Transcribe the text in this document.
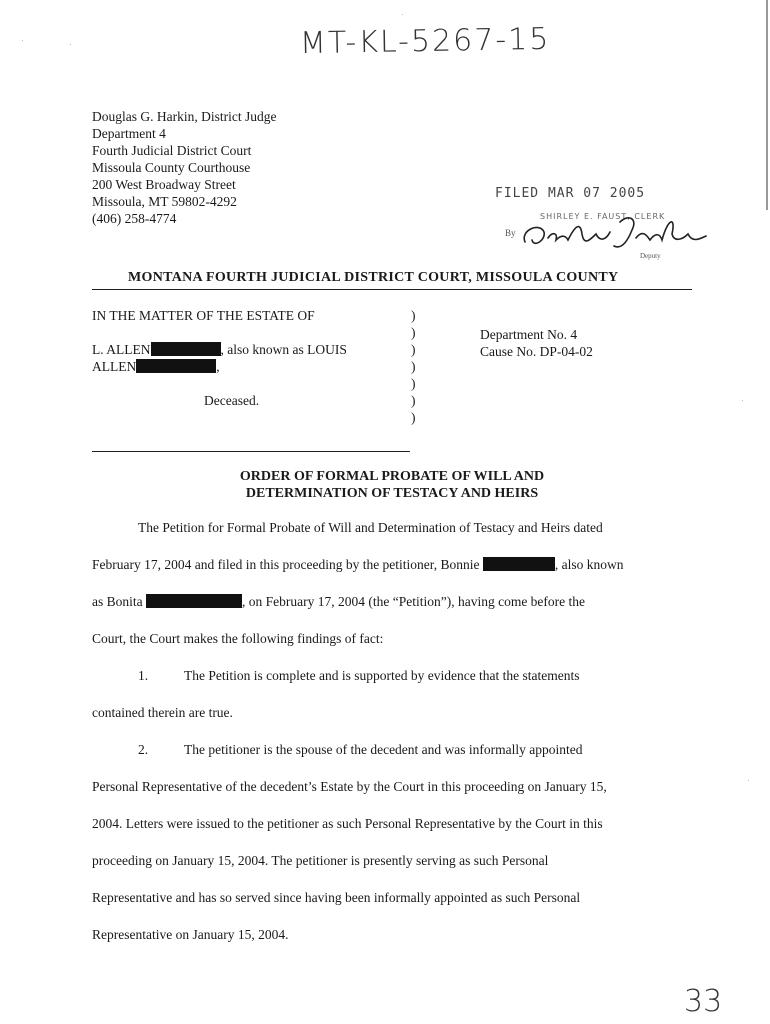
MT-KL-5267-15
Douglas G. Harkin, District Judge
Department 4
Fourth Judicial District Court
Missoula County Courthouse
200 West Broadway Street
Missoula, MT 59802-4292
(406) 258-4774
FILED MAR 07 2005
SHIRLEY E. FAUST, CLERK
By
Deputy
MONTANA FOURTH JUDICIAL DISTRICT COURT, MISSOULA COUNTY
IN THE MATTER OF THE ESTATE OF
L. ALLEN	, also known as LOUIS
ALLEN	,
Deceased.
)
)
)
)
)
)
)
Department No. 4
Cause No. DP-04-02
ORDER OF FORMAL PROBATE OF WILL AND
DETERMINATION OF TESTACY AND HEIRS
The Petition for Formal Probate of Will and Determination of Testacy and Heirs dated
February 17, 2004 and filed in this proceeding by the petitioner, Bonnie	, also known
as Bonita	, on February 17, 2004 (the “Petition”), having come before the
Court, the Court makes the following findings of fact:
1.	The Petition is complete and is supported by evidence that the statements
contained therein are true.
2.	The petitioner is the spouse of the decedent and was informally appointed
Personal Representative of the decedent’s Estate by the Court in this proceeding on January 15,
2004. Letters were issued to the petitioner as such Personal Representative by the Court in this
proceeding on January 15, 2004. The petitioner is presently serving as such Personal
Representative and has so served since having been informally appointed as such Personal
Representative on January 15, 2004.
33
